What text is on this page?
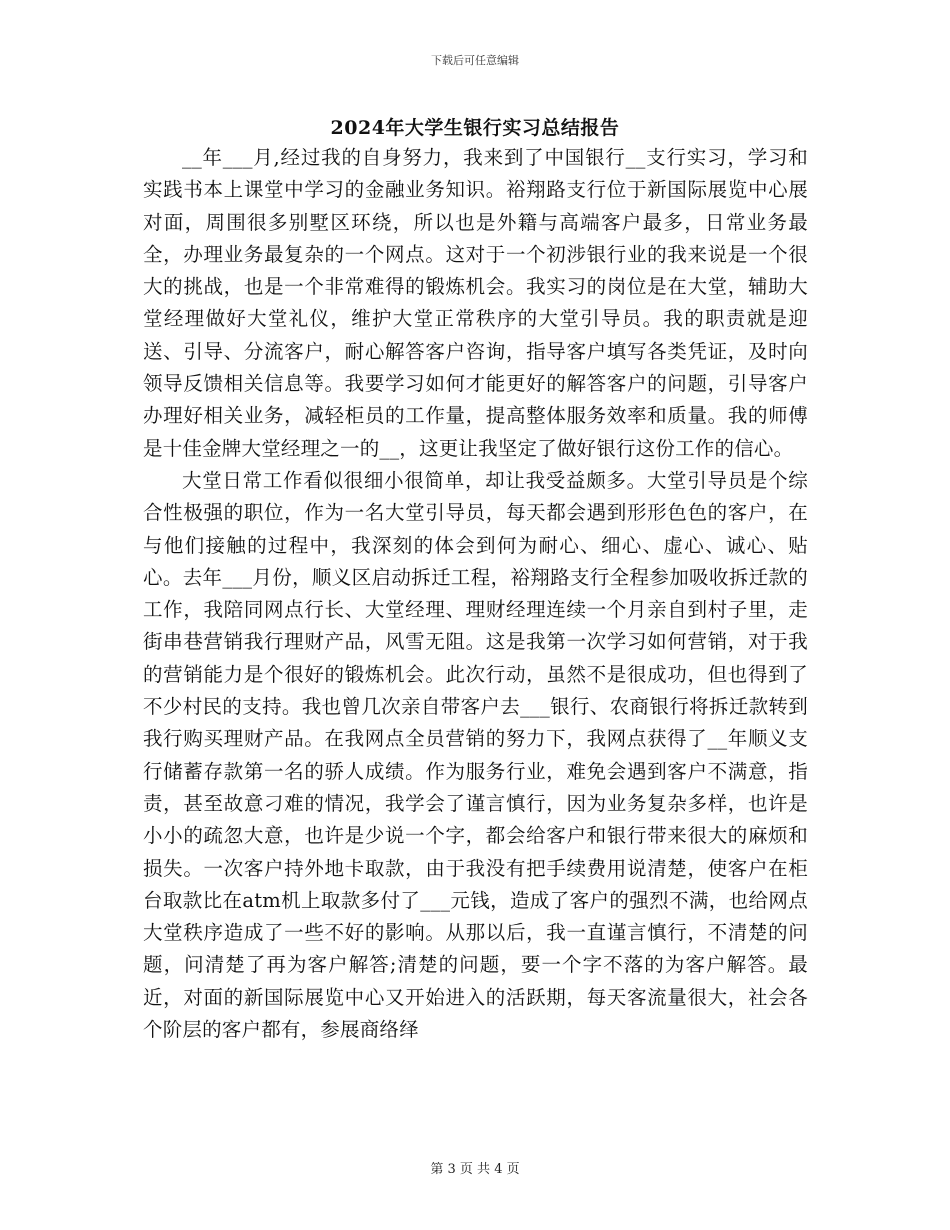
下载后可任意编辑
2024年大学生银行实习总结报告

__年___月,经过我的自身努力，我来到了中国银行__支行实习，学习和实践书本上课堂中学习的金融业务知识。裕翔路支行位于新国际展览中心展对面，周围很多别墅区环绕，所以也是外籍与高端客户最多，日常业务最全，办理业务最复杂的一个网点。这对于一个初涉银行业的我来说是一个很大的挑战，也是一个非常难得的锻炼机会。我实习的岗位是在大堂，辅助大堂经理做好大堂礼仪，维护大堂正常秩序的大堂引导员。我的职责就是迎送、引导、分流客户，耐心解答客户咨询，指导客户填写各类凭证，及时向领导反馈相关信息等。我要学习如何才能更好的解答客户的问题，引导客户办理好相关业务，减轻柜员的工作量，提高整体服务效率和质量。我的师傅是十佳金牌大堂经理之一的__，这更让我坚定了做好银行这份工作的信心。

大堂日常工作看似很细小很简单，却让我受益颇多。大堂引导员是个综合性极强的职位，作为一名大堂引导员，每天都会遇到形形色色的客户，在与他们接触的过程中，我深刻的体会到何为耐心、细心、虚心、诚心、贴心。去年___月份，顺义区启动拆迁工程，裕翔路支行全程参加吸收拆迁款的工作，我陪同网点行长、大堂经理、理财经理连续一个月亲自到村子里，走街串巷营销我行理财产品，风雪无阻。这是我第一次学习如何营销，对于我的营销能力是个很好的锻炼机会。此次行动，虽然不是很成功，但也得到了不少村民的支持。我也曾几次亲自带客户去___银行、农商银行将拆迁款转到我行购买理财产品。在我网点全员营销的努力下，我网点获得了__年顺义支行储蓄存款第一名的骄人成绩。作为服务行业，难免会遇到客户不满意，指责，甚至故意刁难的情况，我学会了谨言慎行，因为业务复杂多样，也许是小小的疏忽大意，也许是少说一个字，都会给客户和银行带来很大的麻烦和损失。一次客户持外地卡取款，由于我没有把手续费用说清楚，使客户在柜台取款比在atm机上取款多付了___元钱，造成了客户的强烈不满，也给网点大堂秩序造成了一些不好的影响。从那以后，我一直谨言慎行，不清楚的问题，问清楚了再为客户解答;清楚的问题，要一个字不落的为客户解答。最近，对面的新国际展览中心又开始进入的活跃期，每天客流量很大，社会各个阶层的客户都有，参展商络绎

第 3 页 共 4 页
